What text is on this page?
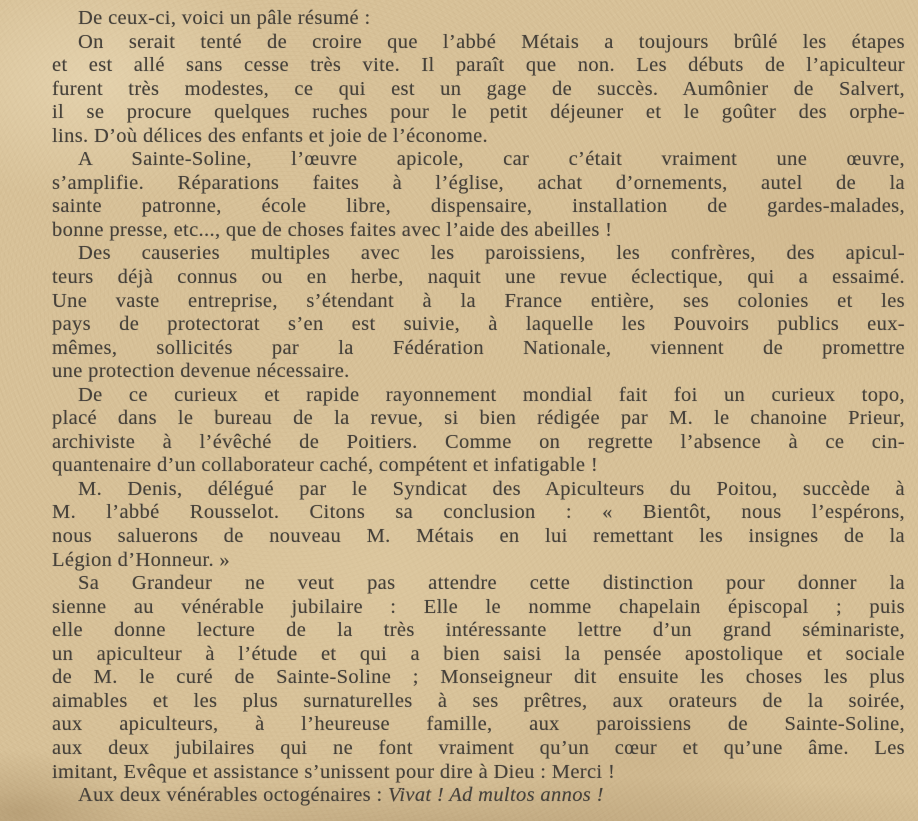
De ceux-ci, voici un pâle résumé :
On serait tenté de croire que l’abbé Métais a toujours brûlé les étapes
et est allé sans cesse très vite. Il paraît que non. Les débuts de l’apiculteur
furent très modestes, ce qui est un gage de succès. Aumônier de Salvert,
il se procure quelques ruches pour le petit déjeuner et le goûter des orphe-
lins. D’où délices des enfants et joie de l’économe.
A Sainte-Soline, l’œuvre apicole, car c’était vraiment une œuvre,
s’amplifie. Réparations faites à l’église, achat d’ornements, autel de la
sainte patronne, école libre, dispensaire, installation de gardes-malades,
bonne presse, etc..., que de choses faites avec l’aide des abeilles !
Des causeries multiples avec les paroissiens, les confrères, des apicul-
teurs déjà connus ou en herbe, naquit une revue éclectique, qui a essaimé.
Une vaste entreprise, s’étendant à la France entière, ses colonies et les
pays de protectorat s’en est suivie, à laquelle les Pouvoirs publics eux-
mêmes, sollicités par la Fédération Nationale, viennent de promettre
une protection devenue nécessaire.
De ce curieux et rapide rayonnement mondial fait foi un curieux topo,
placé dans le bureau de la revue, si bien rédigée par M. le chanoine Prieur,
archiviste à l’évêché de Poitiers. Comme on regrette l’absence à ce cin-
quantenaire d’un collaborateur caché, compétent et infatigable !
M. Denis, délégué par le Syndicat des Apiculteurs du Poitou, succède à
M. l’abbé Rousselot. Citons sa conclusion : « Bientôt, nous l’espérons,
nous saluerons de nouveau M. Métais en lui remettant les insignes de la
Légion d’Honneur. »
Sa Grandeur ne veut pas attendre cette distinction pour donner la
sienne au vénérable jubilaire : Elle le nomme chapelain épiscopal ; puis
elle donne lecture de la très intéressante lettre d’un grand séminariste,
un apiculteur à l’étude et qui a bien saisi la pensée apostolique et sociale
de M. le curé de Sainte-Soline ; Monseigneur dit ensuite les choses les plus
aimables et les plus surnaturelles à ses prêtres, aux orateurs de la soirée,
aux apiculteurs, à l’heureuse famille, aux paroissiens de Sainte-Soline,
aux deux jubilaires qui ne font vraiment qu’un cœur et qu’une âme. Les
imitant, Evêque et assistance s’unissent pour dire à Dieu : Merci !
Aux deux vénérables octogénaires : Vivat ! Ad multos annos !
